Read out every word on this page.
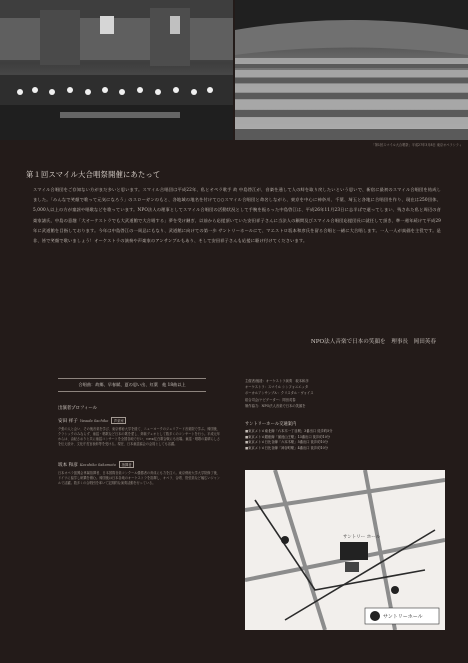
「第1回スマイル大合唱祭」平成27年3月8日 東京オペラシティ
第１回スマイル大合唱祭開催にあたって
スマイル合唱団をご存知ない方がまだ多いと思います。スマイル合唱団は平成22年、私とオペラ歌手 故 中島啓江が、音楽を通して人の絆を取り戻したいという思いで、新宿に最初のスマイル合唱団を結成しました。「みんなで笑顔で歌って元気になろう」のスローガンのもと、各地域の地名を付けて○○スマイル合唱団と命名しながら、東京を中心に神奈川、千葉、埼玉と各地に合唱団を作り、現在は250団体、5,000人以上の方が童謡や唱歌などを歌っています。NPO法人の理事としてスマイル合唱団の活動状況として手腕を振るった中島啓江は、平成26年11月23日に志半ばで逝ってしまい、残された私と周辺の音楽家諸氏、中島の意趣「大オーケストラでも大武道館で大合唱する」夢を受け継ぎ、以前から応援頂いていた安田祥子さんに当法人の顧問及びスマイル合唱団応援団長に就任して頂き、準一週年続けて平成29年に武道館を目指しております。今年は中島啓江の一周忌にもなり、武道館に向けての第一歩 サントリーホールにて、マエストロ坂本和彦氏を留る合唱と一緒に大合唱します。一人一人が真価を主役です。是非、皆で笑顔で歌いましょう！オーケストラの演奏や声楽家のアンサンブルもあり、そして安田祥子さんも応援に駆け付けてくださいます。
NPO法人音楽で日本の笑顔を　理事長　岡田英春
合唱曲：故郷、早春賦、夏の思い出、紅葉　他 18曲以上
出演者プロフィール
安田 祥子 Yasuda Sachiko 声楽家
夕張の人と会い、その後音楽を学び、東京藝術大学を経て、ニューヨークのジュリアード音楽院で学ぶ。帰国後、クラシックのみならず、童謡・唱歌など日本の歌を愛し、姉妹デュオとして数多くのコンサートを行う。平成元年からは、由紀さおりと共に童謡コンサートを全国各地で行い、NHK紅白歌合戦にも出場。童謡・唱歌の素晴らしさを伝え続け、文化庁長官表彰等を受ける。現在、日本童謡協会の会員としても活躍。
坂本 和彦 Kazuhiko Sakamoto 指揮者
日本オペラ振興会専属指揮者、日本国際音楽コンクール優勝者の育成にも力を注ぐ。東京藝術大学大学院修了後、ドイツに留学し研鑽を積む。帰国後は日本各地のオーケストラを指揮し、オペラ、合唱、管弦楽など幅広いジャンルで活躍。数多くの合唱団を率いて定期的な演奏活動を行っている。
主催者/後援：オーケストラ演奏　坂本和彦
オーケストラ：スマイル シンフォニエッタ
ボーカルアンサンブル：クリスタル・ヴォイス
総合司会/ナビゲーター：岡田英春
制作協力：NPO法人音楽で日本の笑顔を
サントリーホール交通案内
■東京メトロ南北線「六本木一丁目駅」3番出口 徒歩約5分
■東京メトロ銀座線「溜池山王駅」13番出口 徒歩約10分
■東京メトロ日比谷線「六本木駅」5番出口 徒歩約10分
■東京メトロ日比谷線「神谷町駅」4番出口 徒歩約10分
サントリーホール
サントリー ホール
